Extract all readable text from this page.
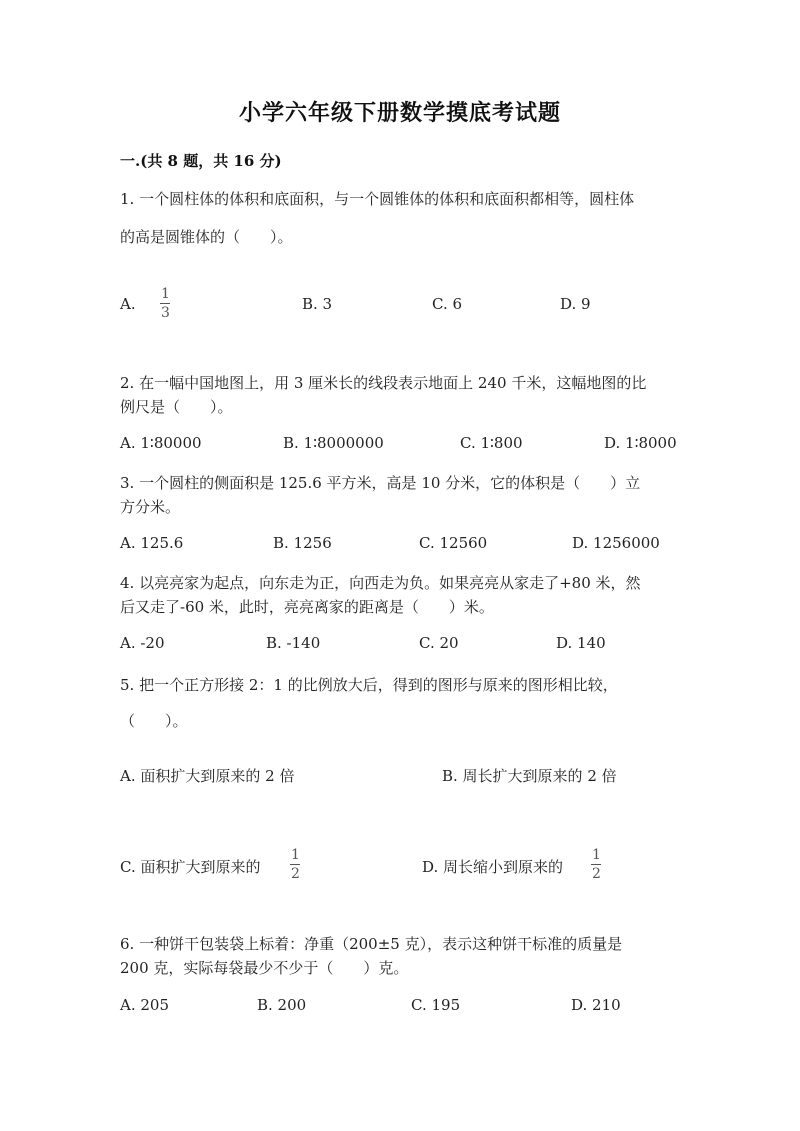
小学六年级下册数学摸底考试题
一.(共 8 题，共 16 分)
1. 一个圆柱体的体积和底面积，与一个圆锥体的体积和底面积都相等，圆柱体
的高是圆锥体的（　　）。
A.
1
3	B. 3	C. 6	D. 9
2. 在一幅中国地图上，用 3 厘米长的线段表示地面上 240 千米，这幅地图的比
例尺是（　　）。
A. 1∶80000	B. 1∶8000000	C. 1∶800	D. 1∶8000
3. 一个圆柱的侧面积是 125.6 平方米，高是 10 分米，它的体积是（　　）立
方分米。
A. 125.6	B. 1256	C. 12560	D. 1256000
4. 以亮亮家为起点，向东走为正，向西走为负。如果亮亮从家走了+80 米，然
后又走了-60 米，此时，亮亮离家的距离是（　　）米。
A. -20	B. -140	C. 20	D. 140
5. 把一个正方形接 2：1 的比例放大后，得到的图形与原来的图形相比较，
（　　）。
A. 面积扩大到原来的 2 倍	B. 周长扩大到原来的 2 倍
C. 面积扩大到原来的
1
2	D. 周长缩小到原来的
1
2
6. 一种饼干包装袋上标着：净重（200±5 克），表示这种饼干标准的质量是
200 克，实际每袋最少不少于（　　）克。
A. 205	B. 200	C. 195	D. 210
